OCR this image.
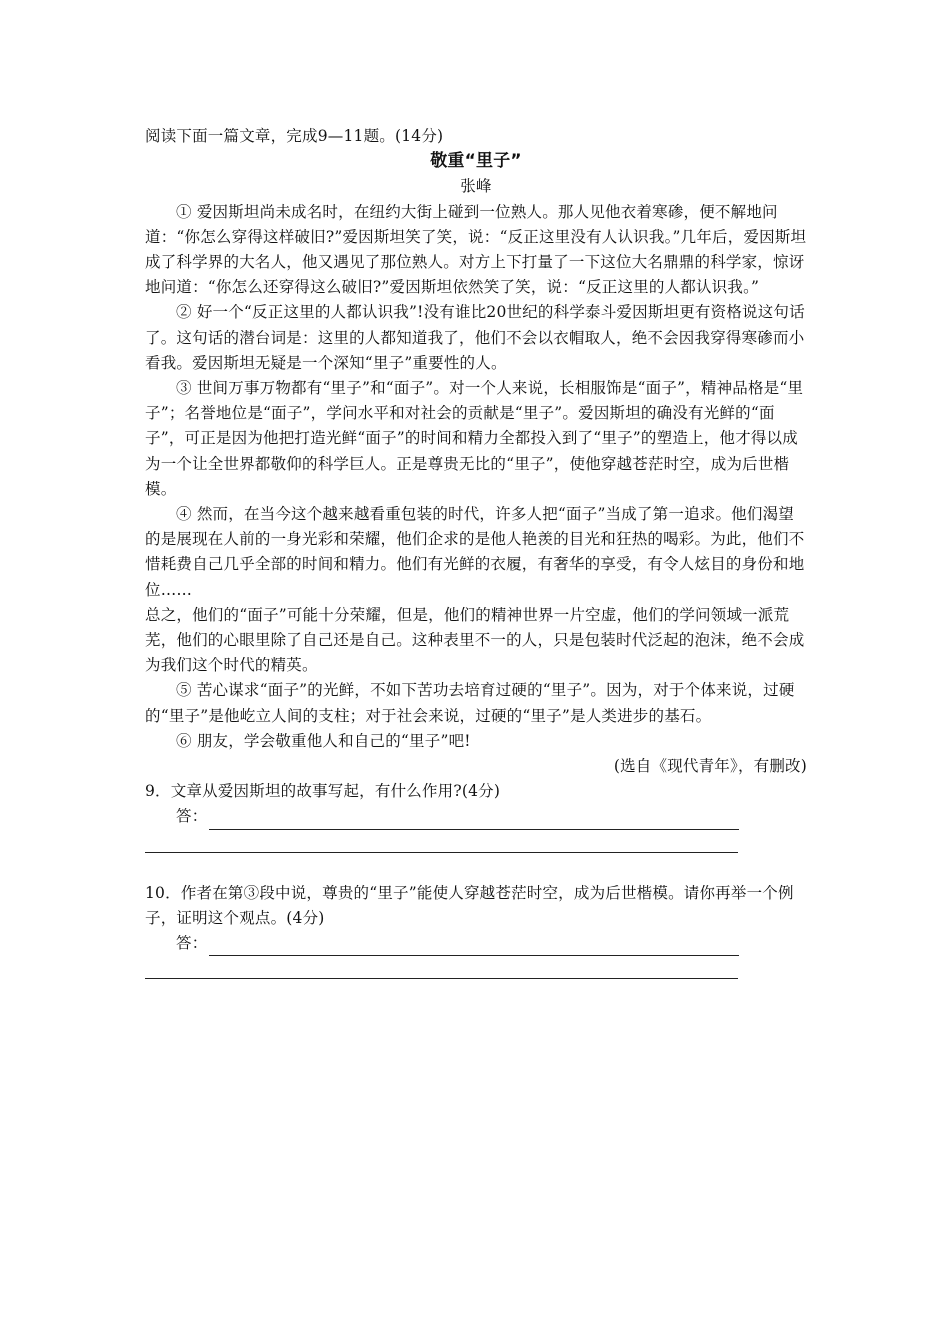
阅读下面一篇文章，完成9—11题。(14分)

敬重“里子”

张峰

① 爱因斯坦尚未成名时，在纽约大街上碰到一位熟人。那人见他衣着寒碜，便不解地问道：“你怎么穿得这样破旧?”爱因斯坦笑了笑，说：“反正这里没有人认识我。”几年后，爱因斯坦成了科学界的大名人，他又遇见了那位熟人。对方上下打量了一下这位大名鼎鼎的科学家，惊讶地问道：“你怎么还穿得这么破旧?”爱因斯坦依然笑了笑，说：“反正这里的人都认识我。”

② 好一个“反正这里的人都认识我”!没有谁比20世纪的科学泰斗爱因斯坦更有资格说这句话了。这句话的潜台词是：这里的人都知道我了，他们不会以衣帽取人，绝不会因我穿得寒碜而小看我。爱因斯坦无疑是一个深知“里子”重要性的人。

③ 世间万事万物都有“里子”和“面子”。对一个人来说，长相服饰是“面子”，精神品格是“里子”；名誉地位是“面子”，学问水平和对社会的贡献是“里子”。爱因斯坦的确没有光鲜的“面子”，可正是因为他把打造光鲜“面子”的时间和精力全都投入到了“里子”的塑造上，他才得以成为一个让全世界都敬仰的科学巨人。正是尊贵无比的“里子”，使他穿越苍茫时空，成为后世楷模。

④ 然而，在当今这个越来越看重包装的时代，许多人把“面子”当成了第一追求。他们渴望的是展现在人前的一身光彩和荣耀，他们企求的是他人艳羡的目光和狂热的喝彩。为此，他们不惜耗费自己几乎全部的时间和精力。他们有光鲜的衣履，有奢华的享受，有令人炫目的身份和地位……

总之，他们的“面子”可能十分荣耀，但是，他们的精神世界一片空虚，他们的学问领域一派荒芜，他们的心眼里除了自己还是自己。这种表里不一的人，只是包装时代泛起的泡沫，绝不会成为我们这个时代的精英。

⑤ 苦心谋求“面子”的光鲜，不如下苦功去培育过硬的“里子”。因为，对于个体来说，过硬的“里子”是他屹立人间的支柱；对于社会来说，过硬的“里子”是人类进步的基石。

⑥ 朋友，学会敬重他人和自己的“里子”吧!

(选自《现代青年》，有删改)

9．文章从爱因斯坦的故事写起，有什么作用?(4分)

答：

10．作者在第③段中说，尊贵的“里子”能使人穿越苍茫时空，成为后世楷模。请你再举一个例子，证明这个观点。(4分)

答：
